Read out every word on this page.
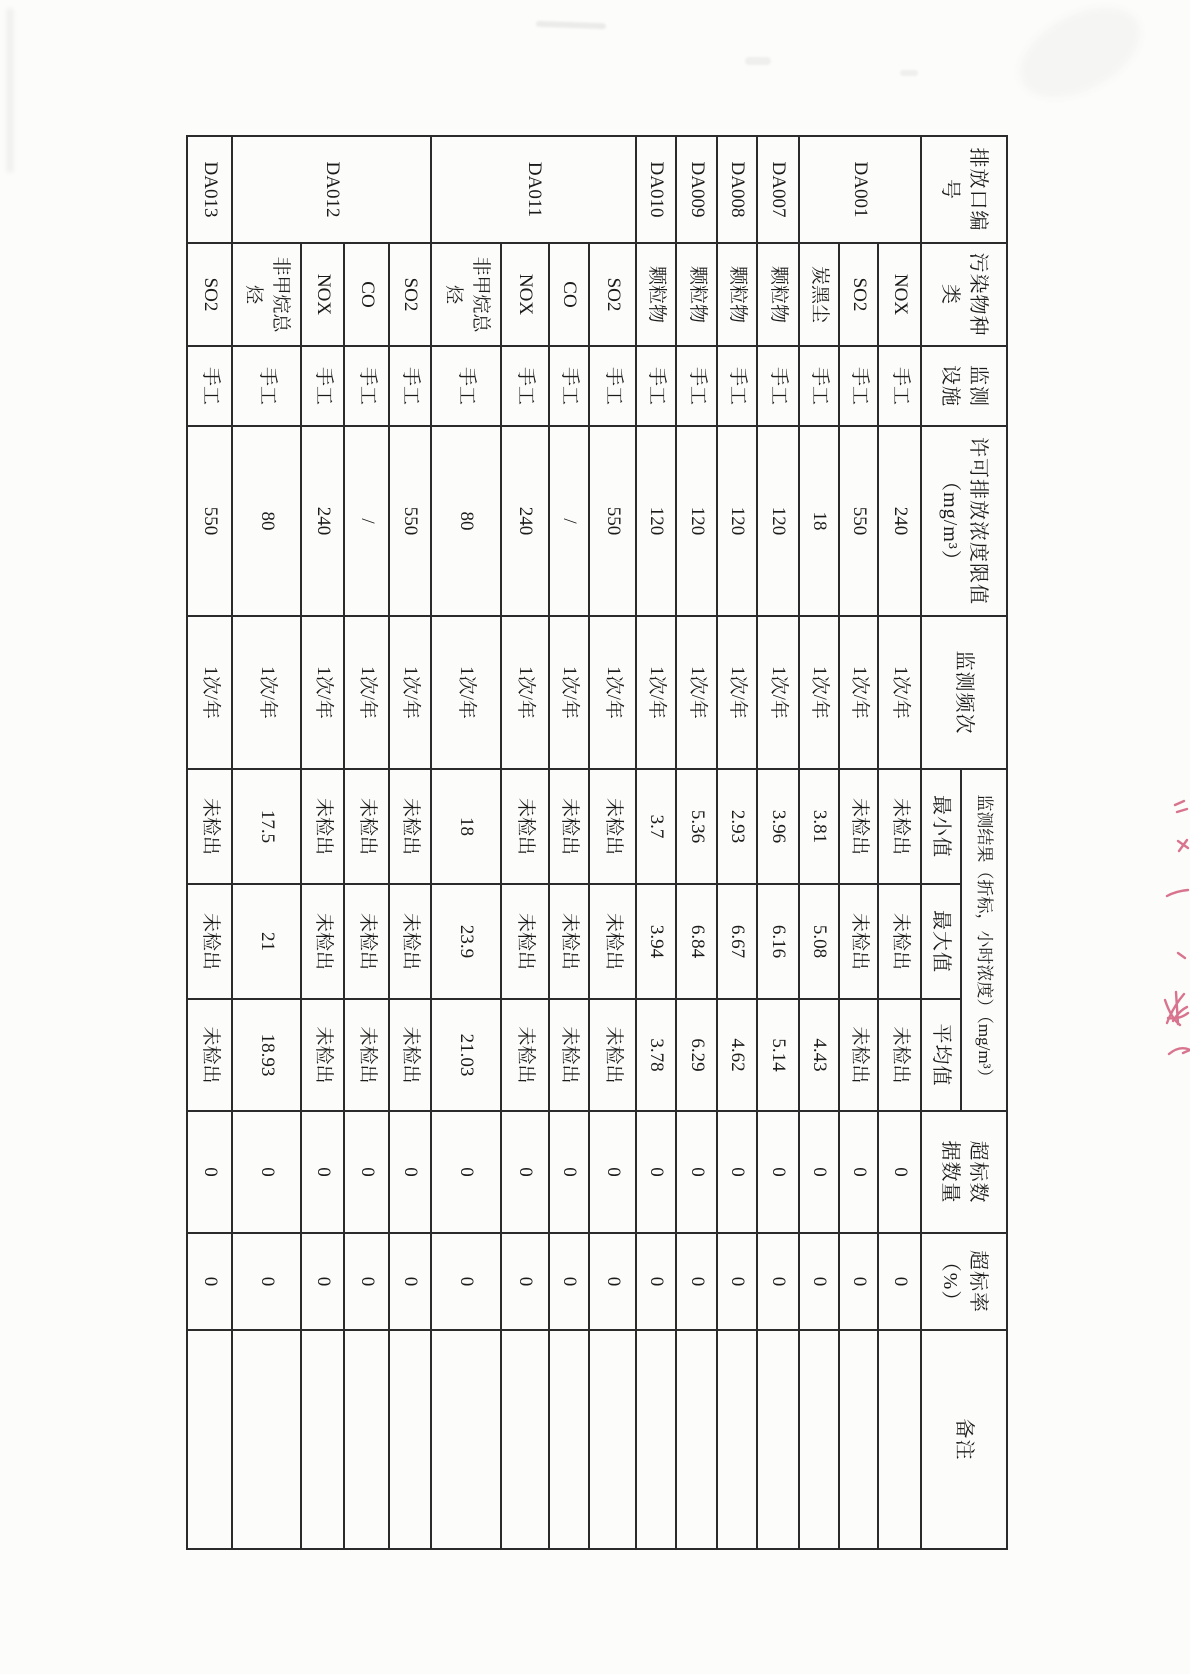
排放口编号	污染物种类	监测设施	许可排放浓度限值（mg/m³）	监测频次	监测结果（折标，小时浓度）（mg/m³）			超标数据数量	超标率（%）	备注
					最小值	最大值	平均值			
DA001	NOX	手工	240	1次/年	未检出	未检出	未检出	0	0	
	SO2	手工	550	1次/年	未检出	未检出	未检出	0	0	
	炭黑尘	手工	18	1次/年	3.81	5.08	4.43	0	0	
DA007	颗粒物	手工	120	1次/年	3.96	6.16	5.14	0	0	
DA008	颗粒物	手工	120	1次/年	2.93	6.67	4.62	0	0	
DA009	颗粒物	手工	120	1次/年	5.36	6.84	6.29	0	0	
DA010	颗粒物	手工	120	1次/年	3.7	3.94	3.78	0	0	
DA011	SO2	手工	550	1次/年	未检出	未检出	未检出	0	0	
	CO	手工	/	1次/年	未检出	未检出	未检出	0	0	
	NOX	手工	240	1次/年	未检出	未检出	未检出	0	0	
	非甲烷总烃	手工	80	1次/年	18	23.9	21.03	0	0	
DA012	SO2	手工	550	1次/年	未检出	未检出	未检出	0	0	
	CO	手工	/	1次/年	未检出	未检出	未检出	0	0	
	NOX	手工	240	1次/年	未检出	未检出	未检出	0	0	
	非甲烷总烃	手工	80	1次/年	17.5	21	18.93	0	0	
DA013	SO2	手工	550	1次/年	未检出	未检出	未检出	0	0	
